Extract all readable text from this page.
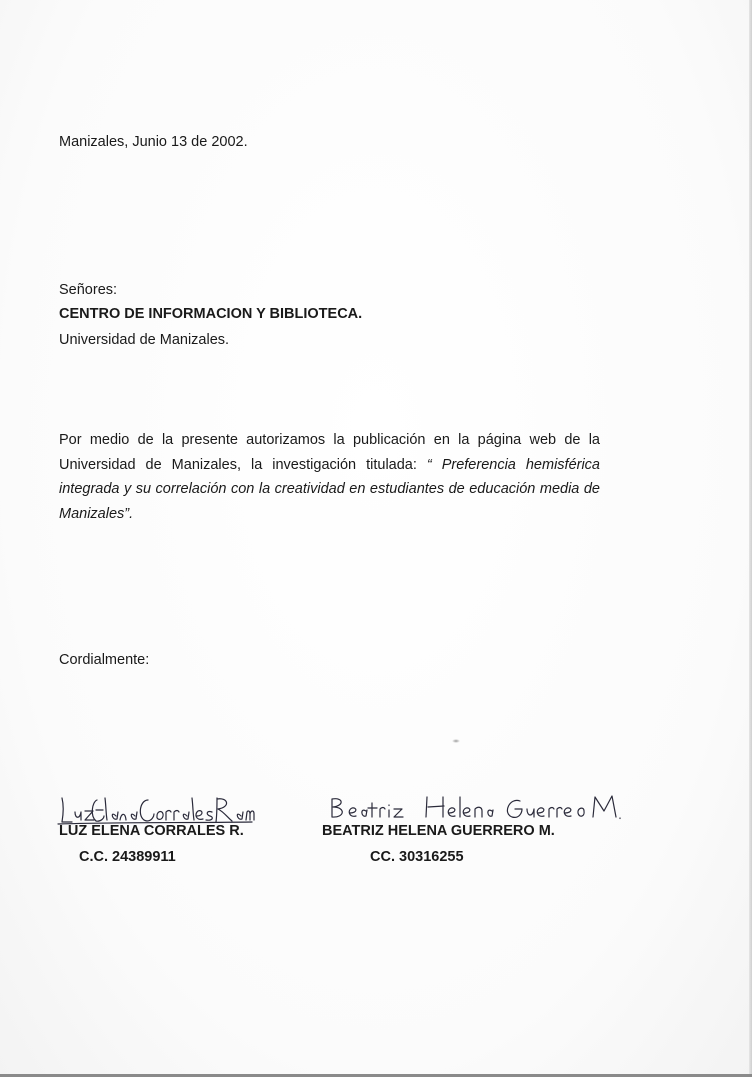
Manizales, Junio 13 de 2002.
Señores:
CENTRO DE INFORMACION Y BIBLIOTECA.
Universidad de Manizales.
Por medio de la presente autorizamos la publicación en la página web de la Universidad de Manizales, la investigación titulada: “ Preferencia hemisférica integrada y su correlación con la creatividad en estudiantes de educación media de Manizales”.
Cordialmente:
LUZ ELENA CORRALES R.
C.C. 24389911
BEATRIZ HELENA GUERRERO M.
CC. 30316255
